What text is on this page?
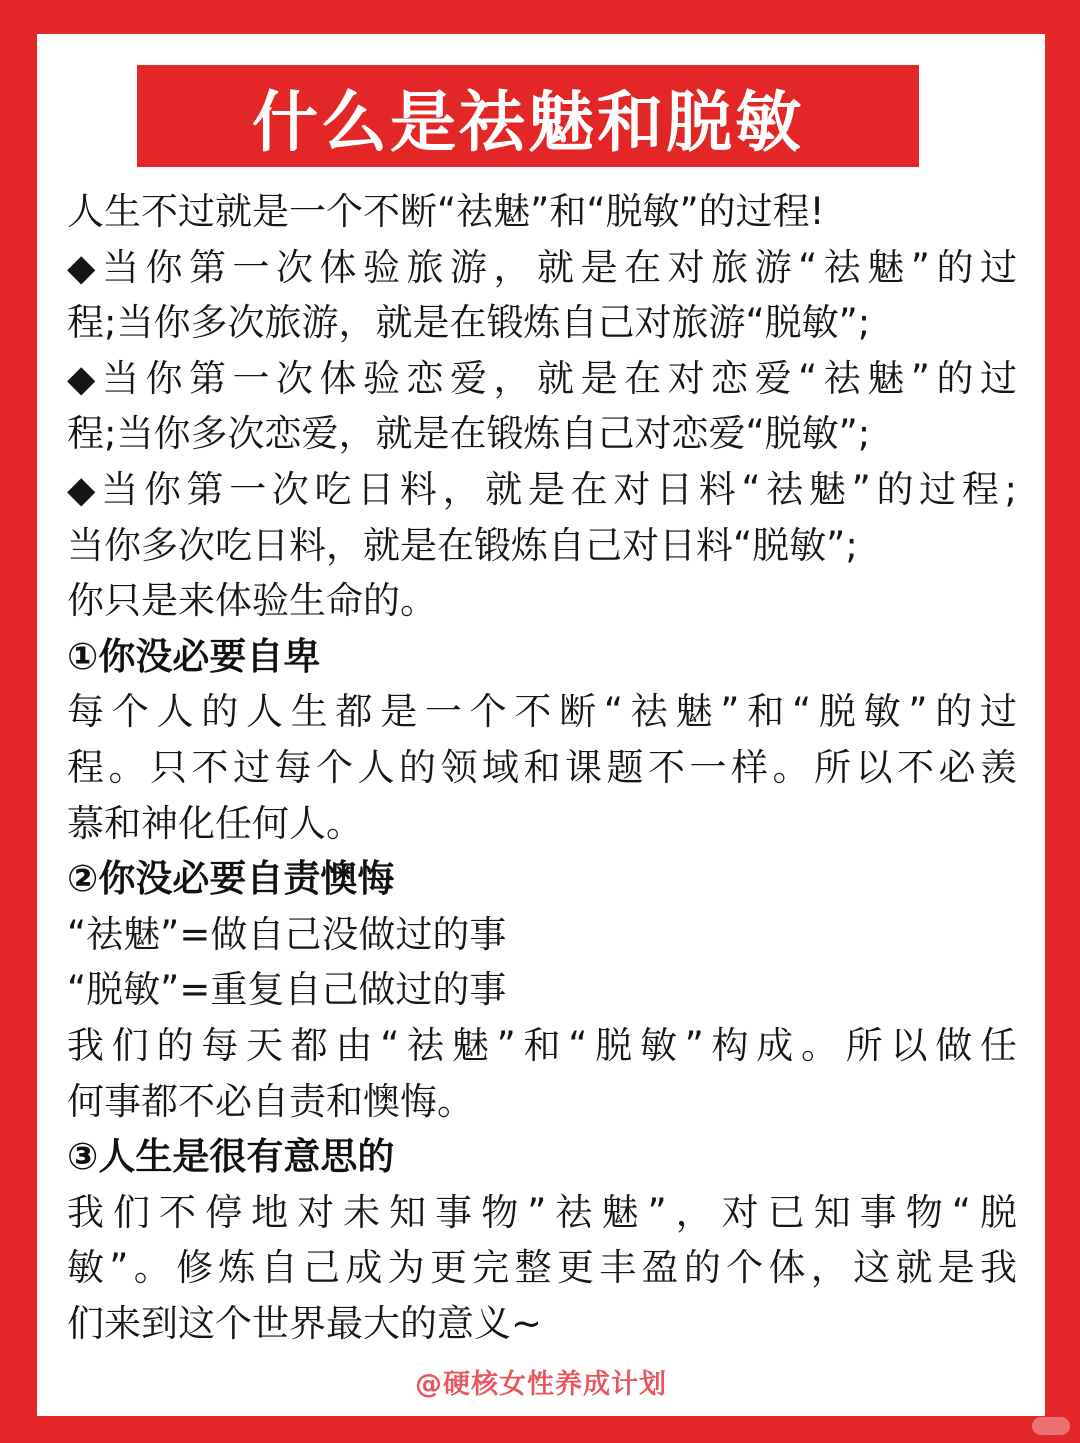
什么是祛魅和脱敏
人生不过就是一个不断“祛魅”和“脱敏”的过程!
◆当你第一次体验旅游，就是在对旅游“祛魅”的过
程;当你多次旅游，就是在锻炼自己对旅游“脱敏”;
◆当你第一次体验恋爱，就是在对恋爱“祛魅”的过
程;当你多次恋爱，就是在锻炼自己对恋爱“脱敏”;
◆当你第一次吃日料，就是在对日料“祛魅”的过程;
当你多次吃日料，就是在锻炼自己对日料“脱敏”;
你只是来体验生命的。
①你没必要自卑
每个人的人生都是一个不断“祛魅”和“脱敏”的过
程。只不过每个人的领域和课题不一样。所以不必羡
慕和神化任何人。
②你没必要自责懊悔
“祛魅”=做自己没做过的事
“脱敏”=重复自己做过的事
我们的每天都由“祛魅”和“脱敏”构成。所以做任
何事都不必自责和懊悔。
③人生是很有意思的
我们不停地对未知事物”祛魅”，对已知事物“脱
敏”。修炼自己成为更完整更丰盈的个体，这就是我
们来到这个世界最大的意义~
@硬核女性养成计划
